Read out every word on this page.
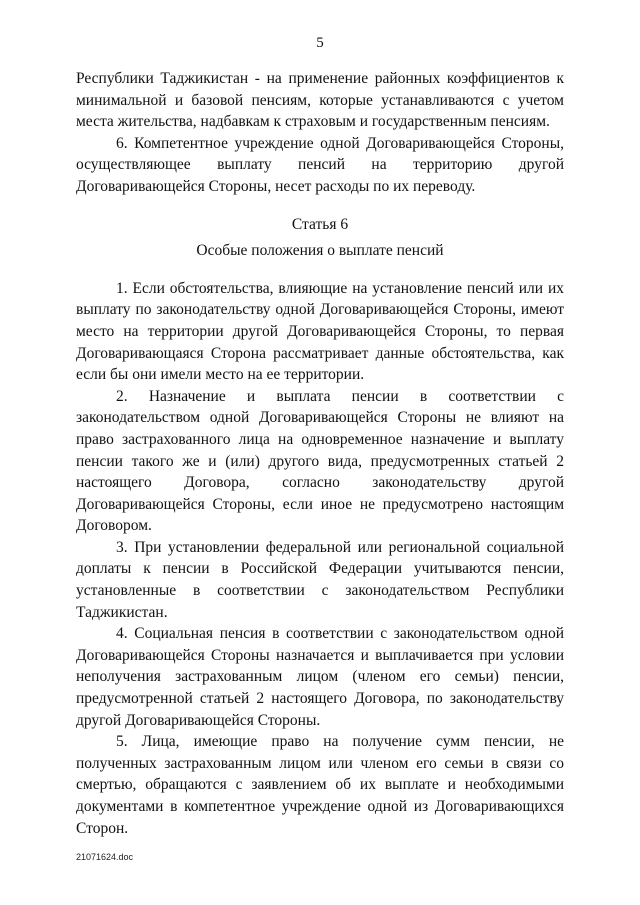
5

Республики Таджикистан - на применение районных коэффициентов к минимальной и базовой пенсиям, которые устанавливаются с учетом места жительства, надбавкам к страховым и государственным пенсиям.

6. Компетентное учреждение одной Договаривающейся Стороны, осуществляющее выплату пенсий на территорию другой Договаривающейся Стороны, несет расходы по их переводу.

Статья 6

Особые положения о выплате пенсий

1. Если обстоятельства, влияющие на установление пенсий или их выплату по законодательству одной Договаривающейся Стороны, имеют место на территории другой Договаривающейся Стороны, то первая Договаривающаяся Сторона рассматривает данные обстоятельства, как если бы они имели место на ее территории.

2. Назначение и выплата пенсии в соответствии с законодательством одной Договаривающейся Стороны не влияют на право застрахованного лица на одновременное назначение и выплату пенсии такого же и (или) другого вида, предусмотренных статьей 2 настоящего Договора, согласно законодательству другой Договаривающейся Стороны, если иное не предусмотрено настоящим Договором.

3. При установлении федеральной или региональной социальной доплаты к пенсии в Российской Федерации учитываются пенсии, установленные в соответствии с законодательством Республики Таджикистан.

4. Социальная пенсия в соответствии с законодательством одной Договаривающейся Стороны назначается и выплачивается при условии неполучения застрахованным лицом (членом его семьи) пенсии, предусмотренной статьей 2 настоящего Договора, по законодательству другой Договаривающейся Стороны.

5. Лица, имеющие право на получение сумм пенсии, не полученных застрахованным лицом или членом его семьи в связи со смертью, обращаются с заявлением об их выплате и необходимыми документами в компетентное учреждение одной из Договаривающихся Сторон.

21071624.doc
